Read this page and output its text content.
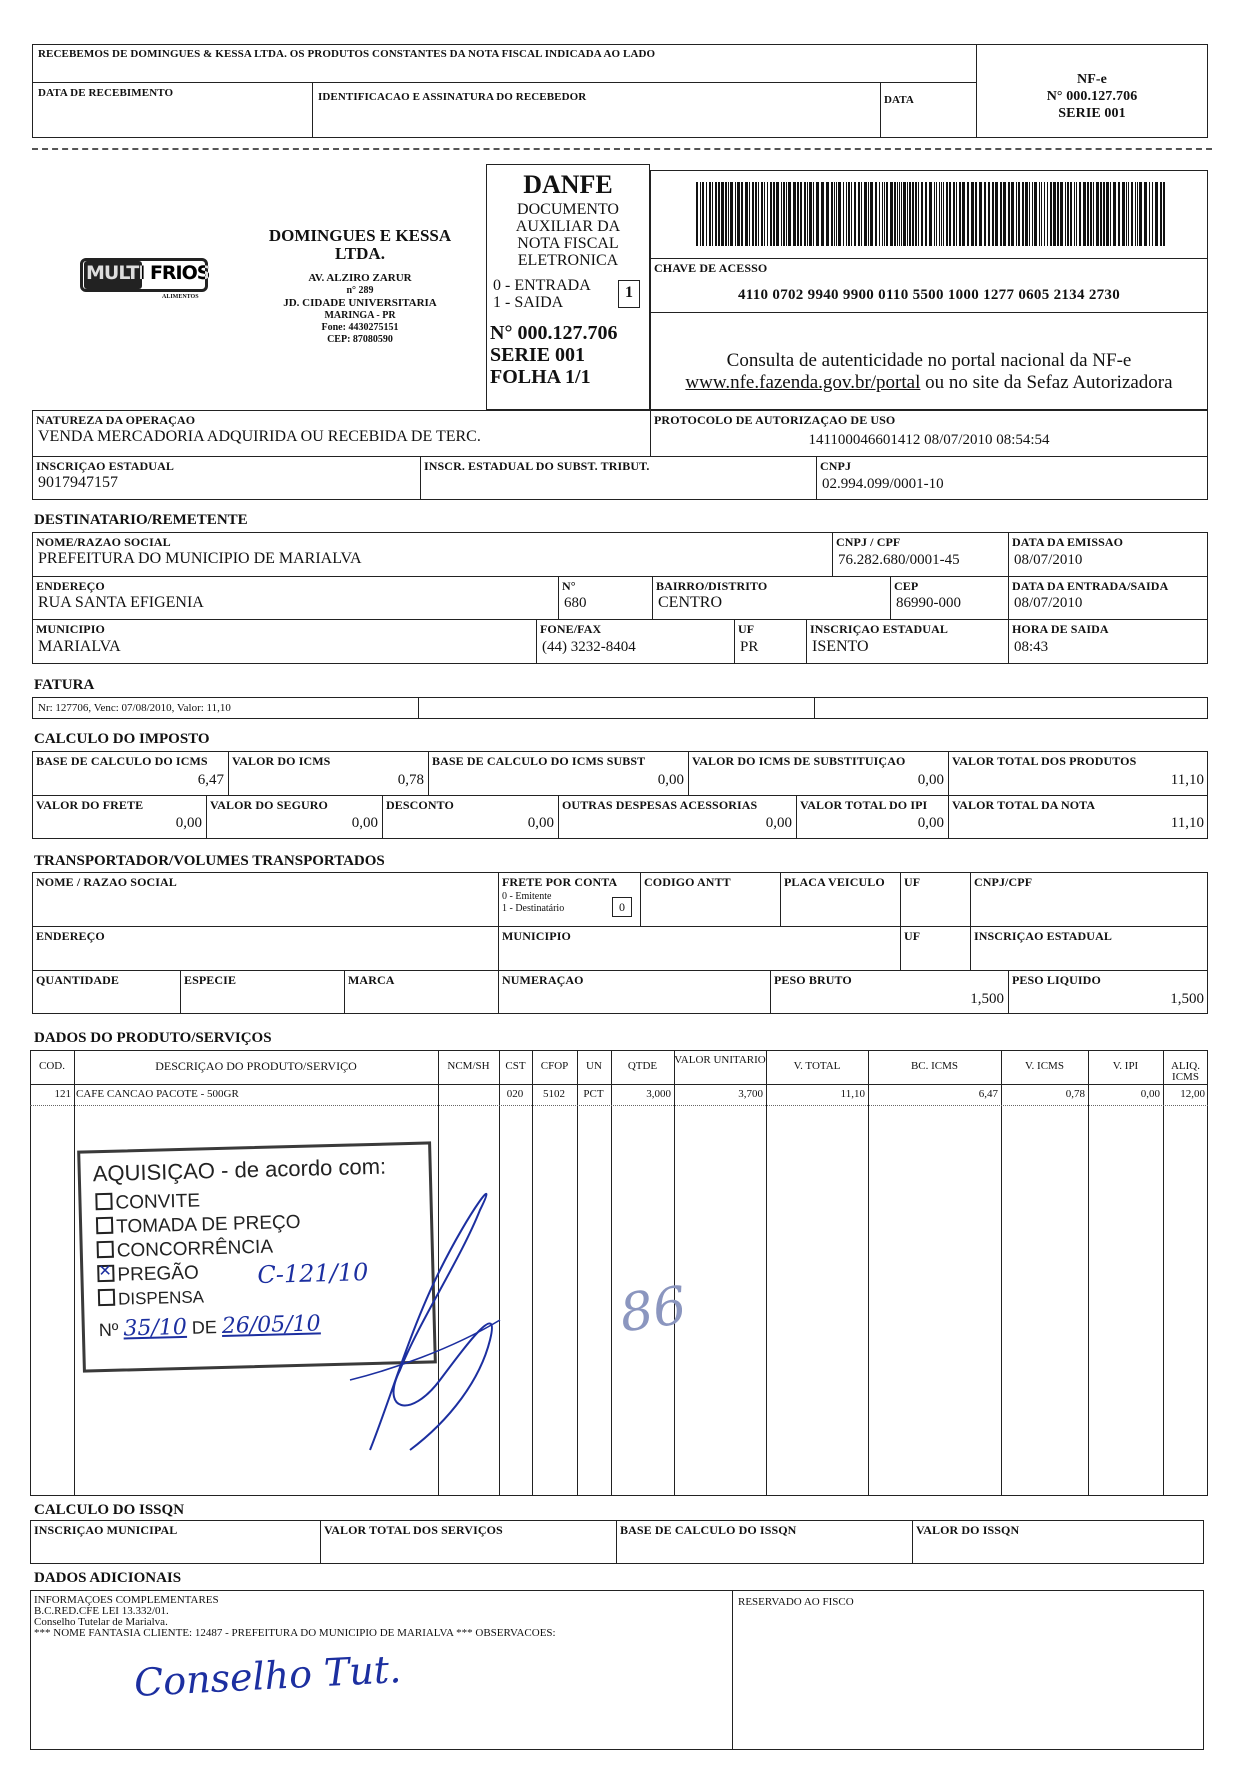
RECEBEMOS DE DOMINGUES & KESSA LTDA. OS PRODUTOS CONSTANTES DA NOTA FISCAL INDICADA AO LADO
DATA DE RECEBIMENTO	IDENTIFICACAO E ASSINATURA DO RECEBEDOR	DATA
NF-e
N° 000.127.706
SERIE 001
MULTI FRIOS
ALIMENTOS
DOMINGUES E KESSA
LTDA.
AV. ALZIRO ZARUR
n° 289
JD. CIDADE UNIVERSITARIA
MARINGA - PR
Fone: 4430275151
CEP: 87080590
DANFE
DOCUMENTO
AUXILIAR DA
NOTA FISCAL
ELETRONICA
0 - ENTRADA
1 - SAIDA
1
N° 000.127.706
SERIE 001
FOLHA 1/1
CHAVE DE ACESSO
4110 0702 9940 9900 0110 5500 1000 1277 0605 2134 2730
Consulta de autenticidade no portal nacional da NF-e
www.nfe.fazenda.gov.br/portal ou no site da Sefaz Autorizadora
NATUREZA DA OPERAÇAO
VENDA MERCADORIA ADQUIRIDA OU RECEBIDA DE TERC.
PROTOCOLO DE AUTORIZAÇAO DE USO
141100046601412 08/07/2010 08:54:54
INSCRIÇAO ESTADUAL
9017947157
INSCR. ESTADUAL DO SUBST. TRIBUT.	CNPJ
02.994.099/0001-10
DESTINATARIO/REMETENTE
NOME/RAZAO SOCIAL
PREFEITURA DO MUNICIPIO DE MARIALVA
CNPJ / CPF
76.282.680/0001-45
DATA DA EMISSAO
08/07/2010
ENDEREÇO
RUA SANTA EFIGENIA
N°
680
BAIRRO/DISTRITO
CENTRO
CEP
86990-000
DATA DA ENTRADA/SAIDA
08/07/2010
MUNICIPIO
MARIALVA
FONE/FAX
(44) 3232-8404
UF
PR
INSCRIÇAO ESTADUAL
ISENTO
HORA DE SAIDA
08:43
FATURA
Nr: 127706, Venc: 07/08/2010, Valor: 11,10
CALCULO DO IMPOSTO
BASE DE CALCULO DO ICMS
6,47
VALOR DO ICMS
0,78
BASE DE CALCULO DO ICMS SUBST
0,00
VALOR DO ICMS DE SUBSTITUIÇAO
0,00
VALOR TOTAL DOS PRODUTOS
11,10
VALOR DO FRETE
0,00
VALOR DO SEGURO
0,00
DESCONTO
0,00
OUTRAS DESPESAS ACESSORIAS
0,00
VALOR TOTAL DO IPI
0,00
VALOR TOTAL DA NOTA
11,10
TRANSPORTADOR/VOLUMES TRANSPORTADOS
NOME / RAZAO SOCIAL	FRETE POR CONTA
0 - Emitente
1 - Destinatário	0
CODIGO ANTT	PLACA VEICULO UF	CNPJ/CPF
ENDEREÇO	MUNICIPIO	UF	INSCRIÇAO ESTADUAL
QUANTIDADE	ESPECIE	MARCA	NUMERAÇAO	PESO BRUTO
1,500
PESO LIQUIDO
1,500
DADOS DO PRODUTO/SERVIÇOS
COD.	DESCRIÇAO DO PRODUTO/SERVIÇO	NCM/SH	CST	CFOP	UN	QTDE	VALOR UNITARIO	V. TOTAL	BC. ICMS	V. ICMS	V. IPI	ALIQ. ICMS
121 CAFE CANCAO PACOTE - 500GR	020	5102	PCT	3,000	3,700	11,10	6,47	0,78	0,00	12,00
AQUISIÇAO - de acordo com:
CONVITE
TOMADA DE PREÇO
CONCORRÊNCIA
✕ PREGÃO
DISPENSA
Nº 35/10 DE 26/05/10
C-121/10
86
CALCULO DO ISSQN
INSCRIÇAO MUNICIPAL	VALOR TOTAL DOS SERVIÇOS	BASE DE CALCULO DO ISSQN	VALOR DO ISSQN
DADOS ADICIONAIS
INFORMAÇOES COMPLEMENTARES
B.C.RED.CFE LEI 13.332/01.
Conselho Tutelar de Marialva.
*** NOME FANTASIA CLIENTE: 12487 - PREFEITURA DO MUNICIPIO DE MARIALVA *** OBSERVACOES:
Conselho Tut.
RESERVADO AO FISCO
